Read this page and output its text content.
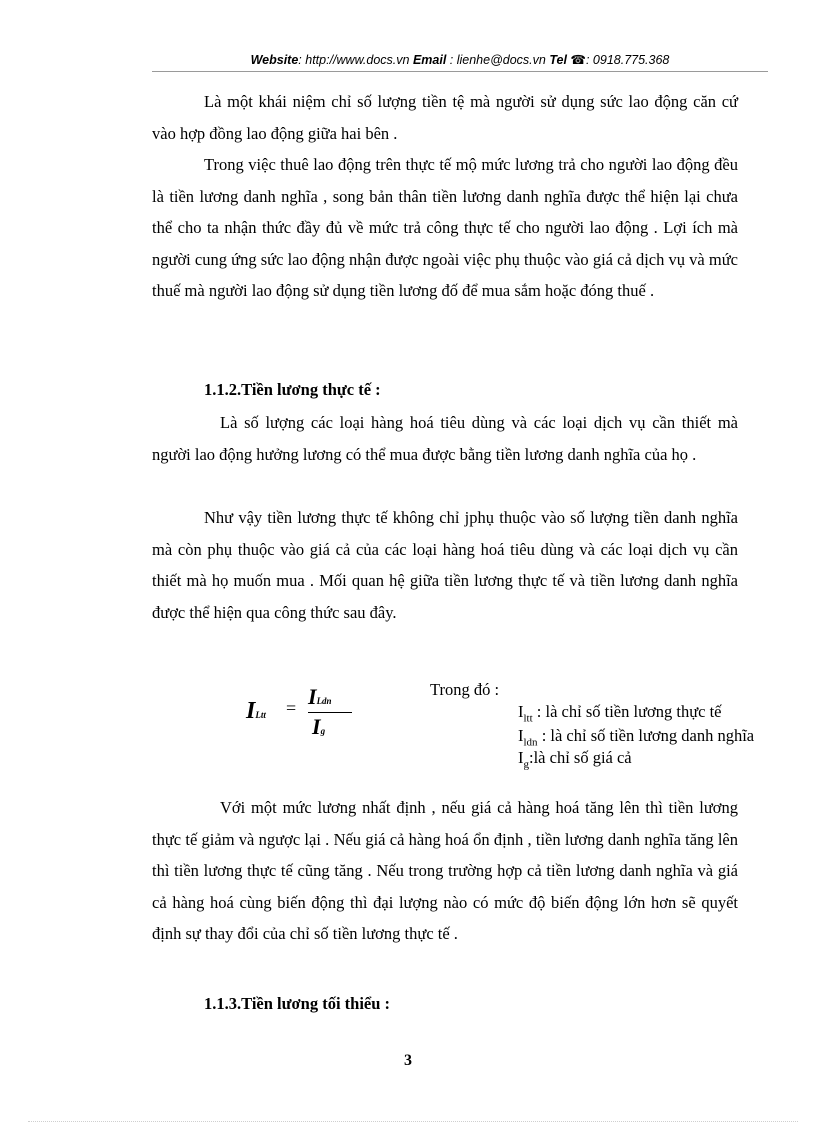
Website: http://www.docs.vn Email : lienhe@docs.vn Tel ☎: 0918.775.368

Là một khái niệm chỉ số lượng tiền tệ mà người sử dụng sức lao động căn cứ vào hợp đồng lao động giữa hai bên .

Trong việc thuê lao động trên thực tế mộ mức lương trả cho người lao động đều là tiền lương danh nghĩa , song bản thân tiền lương danh nghĩa được thể hiện lại chưa thể cho ta nhận thức đầy đủ về mức trả công thực tế cho người lao động . Lợi ích mà người cung ứng sức lao động nhận được ngoài việc phụ thuộc vào giá cả dịch vụ và mức thuế mà người lao động sử dụng tiền lương đố để mua sắm hoặc đóng thuế .

1.1.2.Tiền lương thực tế :

Là số lượng các loại hàng hoá tiêu dùng và các loại dịch vụ cần thiết mà người lao động hưởng lương có thể mua được bằng tiền lương danh nghĩa của họ .

Như vậy tiền lương thực tế không chỉ jphụ thuộc vào số lượng tiền danh nghĩa mà còn phụ thuộc vào giá cả của các loại hàng hoá tiêu dùng và các loại dịch vụ cần thiết mà họ muốn mua . Mối quan hệ giữa tiền lương thực tế và tiền lương danh nghĩa được thể hiện qua công thức sau đây.

ILtt = ILdn
Ig
Trong đó :
$I_{ltt}$ : là chỉ số tiền lương thực tế
$I_{ldn}$ : là chỉ số tiền lương danh nghĩa
$I_g:là$ chỉ số giá cả

Với một mức lương nhất định , nếu giá cả hàng hoá tăng lên thì tiền lương thực tế giảm và ngược lại . Nếu giá cả hàng hoá ổn định , tiền lương danh nghĩa tăng lên thì tiền lương thực tế cũng tăng . Nếu trong trường hợp cả tiền lương danh nghĩa và giá cả hàng hoá cùng biến động thì đại lượng nào có mức độ biến động lớn hơn sẽ quyết định sự thay đổi của chỉ số tiền lương thực tế .

1.1.3.Tiền lương tối thiểu :

3
